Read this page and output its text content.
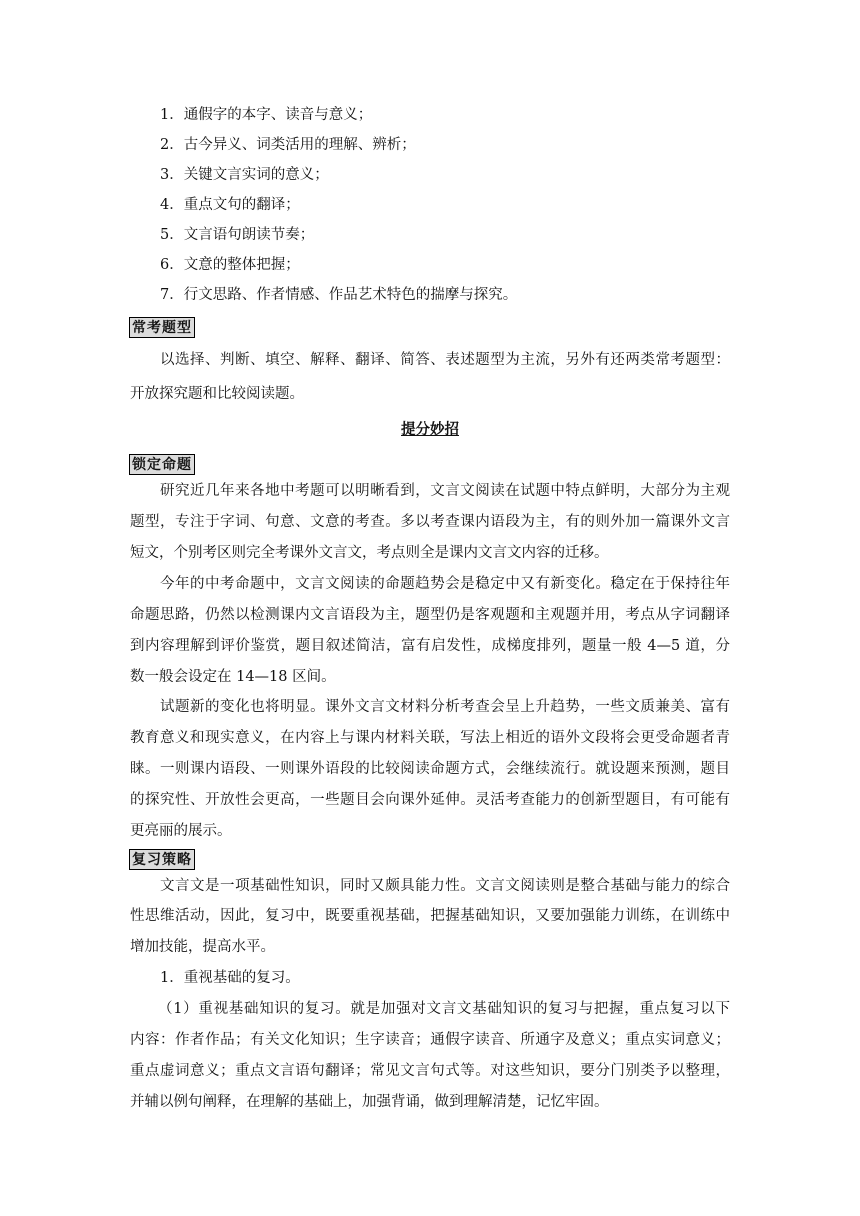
1．通假字的本字、读音与意义；
2．古今异义、词类活用的理解、辨析；
3．关键文言实词的意义；
4．重点文句的翻译；
5．文言语句朗读节奏；
6．文意的整体把握；
7．行文思路、作者情感、作品艺术特色的揣摩与探究。
常考题型
以选择、判断、填空、解释、翻译、简答、表述题型为主流，另外有还两类常考题型：
开放探究题和比较阅读题。
提分妙招
锁定命题
研究近几年来各地中考题可以明晰看到，文言文阅读在试题中特点鲜明，大部分为主观
题型，专注于字词、句意、文意的考查。多以考查课内语段为主，有的则外加一篇课外文言
短文，个别考区则完全考课外文言文，考点则全是课内文言文内容的迁移。
今年的中考命题中，文言文阅读的命题趋势会是稳定中又有新变化。稳定在于保持往年
命题思路，仍然以检测课内文言语段为主，题型仍是客观题和主观题并用，考点从字词翻译
到内容理解到评价鉴赏，题目叙述简洁，富有启发性，成梯度排列，题量一般 4—5 道，分
数一般会设定在 14—18 区间。
试题新的变化也将明显。课外文言文材料分析考查会呈上升趋势，一些文质兼美、富有
教育意义和现实意义，在内容上与课内材料关联，写法上相近的语外文段将会更受命题者青
睐。一则课内语段、一则课外语段的比较阅读命题方式，会继续流行。就设题来预测，题目
的探究性、开放性会更高，一些题目会向课外延伸。灵活考查能力的创新型题目，有可能有
更亮丽的展示。
复习策略
文言文是一项基础性知识，同时又颇具能力性。文言文阅读则是整合基础与能力的综合
性思维活动，因此，复习中，既要重视基础，把握基础知识，又要加强能力训练，在训练中
增加技能，提高水平。
1．重视基础的复习。
（1）重视基础知识的复习。就是加强对文言文基础知识的复习与把握，重点复习以下
内容：作者作品；有关文化知识；生字读音；通假字读音、所通字及意义；重点实词意义；
重点虚词意义；重点文言语句翻译；常见文言句式等。对这些知识，要分门别类予以整理，
并辅以例句阐释，在理解的基础上，加强背诵，做到理解清楚，记忆牢固。
